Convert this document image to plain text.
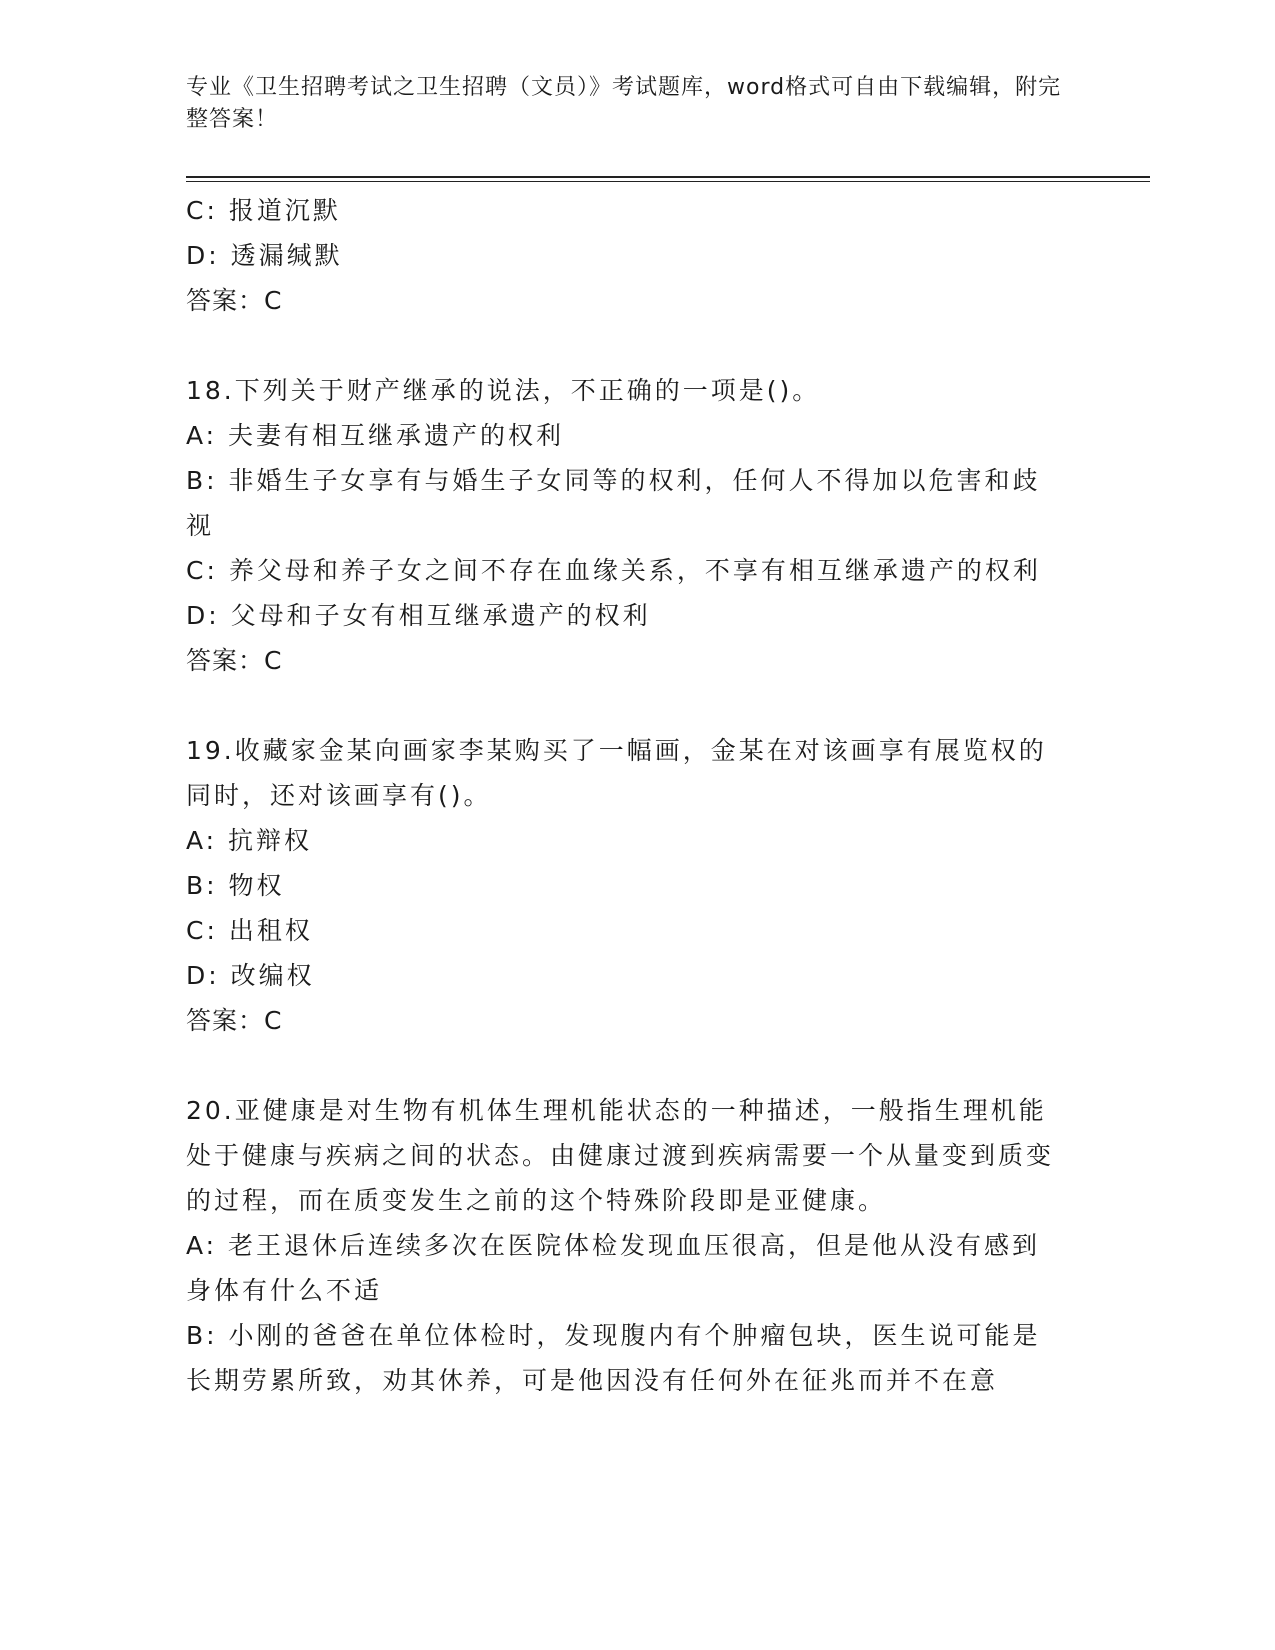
专业《卫生招聘考试之卫生招聘（文员）》考试题库，word格式可自由下载编辑，附完整答案！

C: 报道沉默

D: 透漏缄默

答案：C

18.下列关于财产继承的说法，不正确的一项是()。

A: 夫妻有相互继承遗产的权利

B: 非婚生子女享有与婚生子女同等的权利，任何人不得加以危害和歧视

C: 养父母和养子女之间不存在血缘关系，不享有相互继承遗产的权利

D: 父母和子女有相互继承遗产的权利

答案：C

19.收藏家金某向画家李某购买了一幅画，金某在对该画享有展览权的同时，还对该画享有()。

A: 抗辩权

B: 物权

C: 出租权

D: 改编权

答案：C

20.亚健康是对生物有机体生理机能状态的一种描述，一般指生理机能处于健康与疾病之间的状态。由健康过渡到疾病需要一个从量变到质变的过程，而在质变发生之前的这个特殊阶段即是亚健康。

A: 老王退休后连续多次在医院体检发现血压很高，但是他从没有感到身体有什么不适

B: 小刚的爸爸在单位体检时，发现腹内有个肿瘤包块，医生说可能是长期劳累所致，劝其休养，可是他因没有任何外在征兆而并不在意
